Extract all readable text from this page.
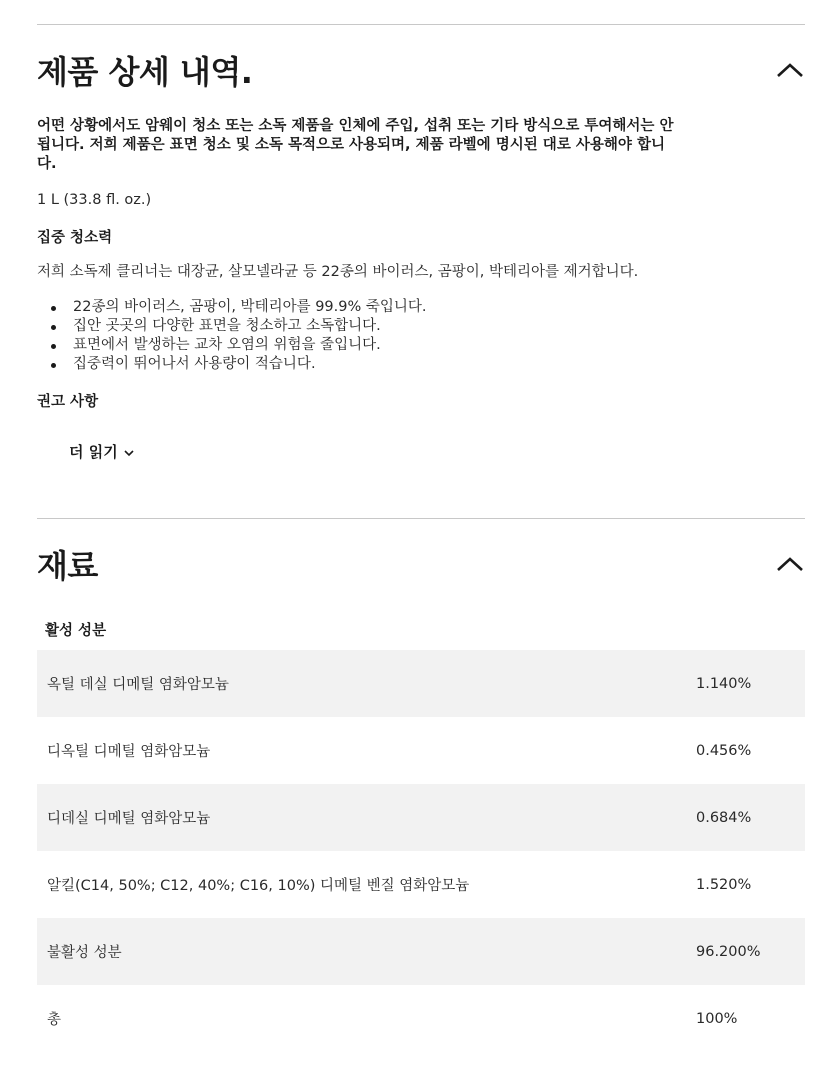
제품 상세 내역.

어떤 상황에서도 암웨이 청소 또는 소독 제품을 인체에 주입, 섭취 또는 기타 방식으로 투여해서는 안 됩니다. 저희 제품은 표면 청소 및 소독 목적으로 사용되며, 제품 라벨에 명시된 대로 사용해야 합니다.

1 L (33.8 fl. oz.)

집중 청소력

저희 소독제 클리너는 대장균, 살모넬라균 등 22종의 바이러스, 곰팡이, 박테리아를 제거합니다.

22종의 바이러스, 곰팡이, 박테리아를 99.9% 죽입니다.
집안 곳곳의 다양한 표면을 청소하고 소독합니다.
표면에서 발생하는 교차 오염의 위험을 줄입니다.
집중력이 뛰어나서 사용량이 적습니다.

권고 사항

더 읽기
재료

활성 성분

옥틸 데실 디메틸 염화암모늄	1.140%
디옥틸 디메틸 염화암모늄	0.456%
디데실 디메틸 염화암모늄	0.684%
알킬(C14, 50%; C12, 40%; C16, 10%) 디메틸 벤질 염화암모늄	1.520%
불활성 성분	96.200%
총	100%
